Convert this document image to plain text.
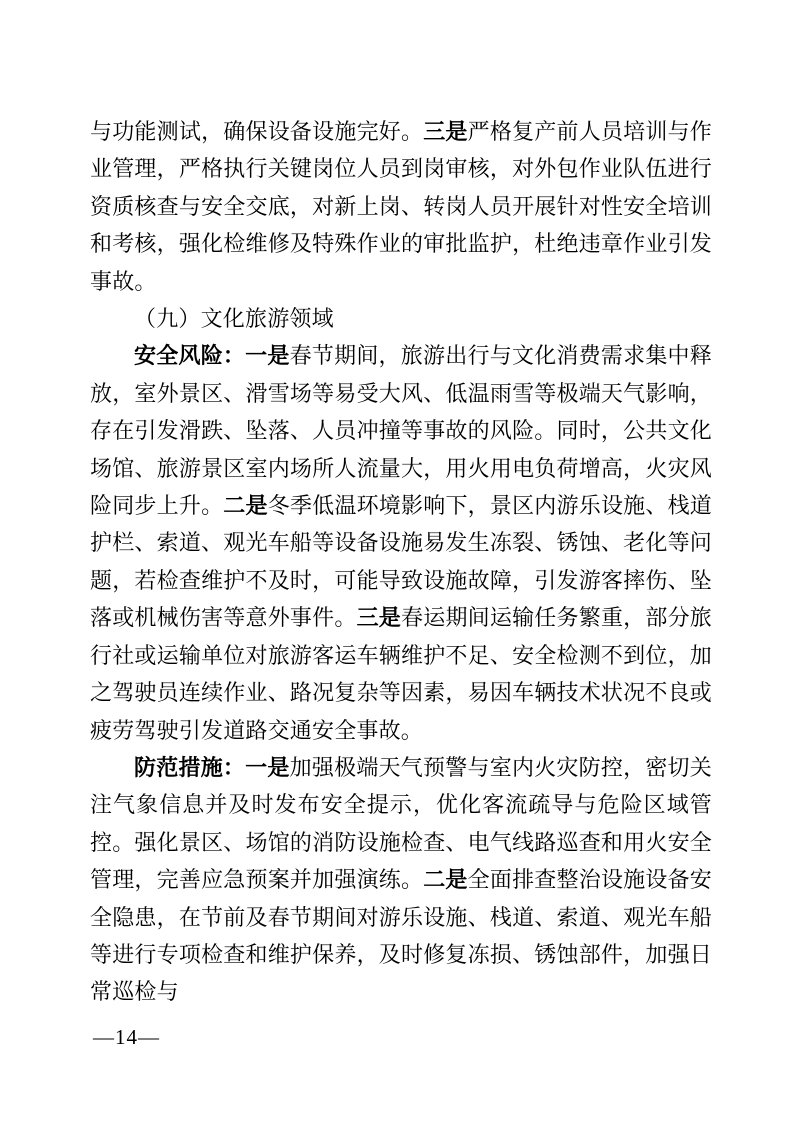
与功能测试，确保设备设施完好。三是严格复产前人员培训与作业管理，严格执行关键岗位人员到岗审核，对外包作业队伍进行资质核查与安全交底，对新上岗、转岗人员开展针对性安全培训和考核，强化检维修及特殊作业的审批监护，杜绝违章作业引发事故。

（九）文化旅游领域

安全风险：一是春节期间，旅游出行与文化消费需求集中释放，室外景区、滑雪场等易受大风、低温雨雪等极端天气影响，存在引发滑跌、坠落、人员冲撞等事故的风险。同时，公共文化场馆、旅游景区室内场所人流量大，用火用电负荷增高，火灾风险同步上升。二是冬季低温环境影响下，景区内游乐设施、栈道护栏、索道、观光车船等设备设施易发生冻裂、锈蚀、老化等问题，若检查维护不及时，可能导致设施故障，引发游客摔伤、坠落或机械伤害等意外事件。三是春运期间运输任务繁重，部分旅行社或运输单位对旅游客运车辆维护不足、安全检测不到位，加之驾驶员连续作业、路况复杂等因素，易因车辆技术状况不良或疲劳驾驶引发道路交通安全事故。

防范措施：一是加强极端天气预警与室内火灾防控，密切关注气象信息并及时发布安全提示，优化客流疏导与危险区域管控。强化景区、场馆的消防设施检查、电气线路巡查和用火安全管理，完善应急预案并加强演练。二是全面排查整治设施设备安全隐患，在节前及春节期间对游乐设施、栈道、索道、观光车船等进行专项检查和维护保养，及时修复冻损、锈蚀部件，加强日常巡检与

—14—
